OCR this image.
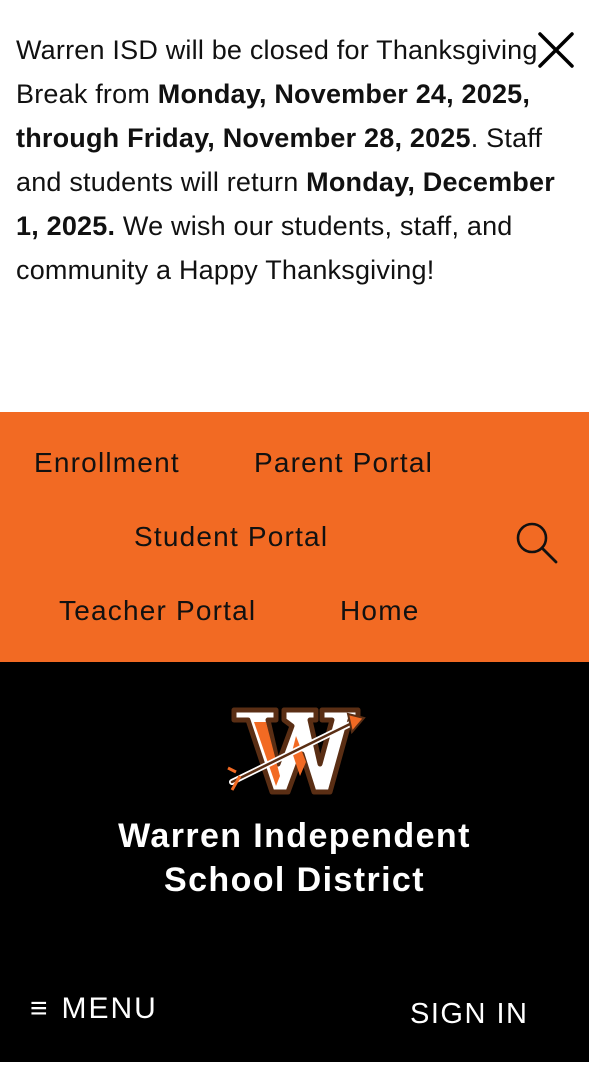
Warren ISD will be closed for Thanksgiving Break from Monday, November 24, 2025, through Friday, November 28, 2025. Staff and students will return Monday, December 1, 2025. We wish our students, staff, and community a Happy Thanksgiving!

Enrollment	Parent Portal
Student Portal
Teacher Portal	Home
Warren Independent
School District
≡ MENU	SIGN IN
